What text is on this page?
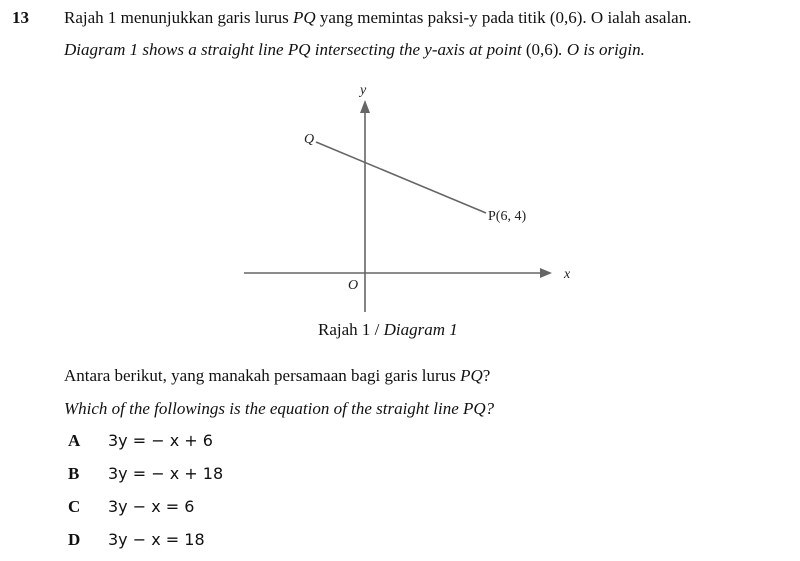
13 Rajah 1 menunjukkan garis lurus PQ yang memintas paksi-y pada titik (0,6). O ialah asalan.
Diagram 1 shows a straight line PQ intersecting the y-axis at point (0,6). O is origin.
y
x
O
Q
P(6, 4)
Rajah 1 / Diagram 1
Antara berikut, yang manakah persamaan bagi garis lurus PQ?
Which of the followings is the equation of the straight line PQ?
A 3y = − x + 6
B 3y = − x + 18
C 3y − x = 6
D 3y − x = 18
